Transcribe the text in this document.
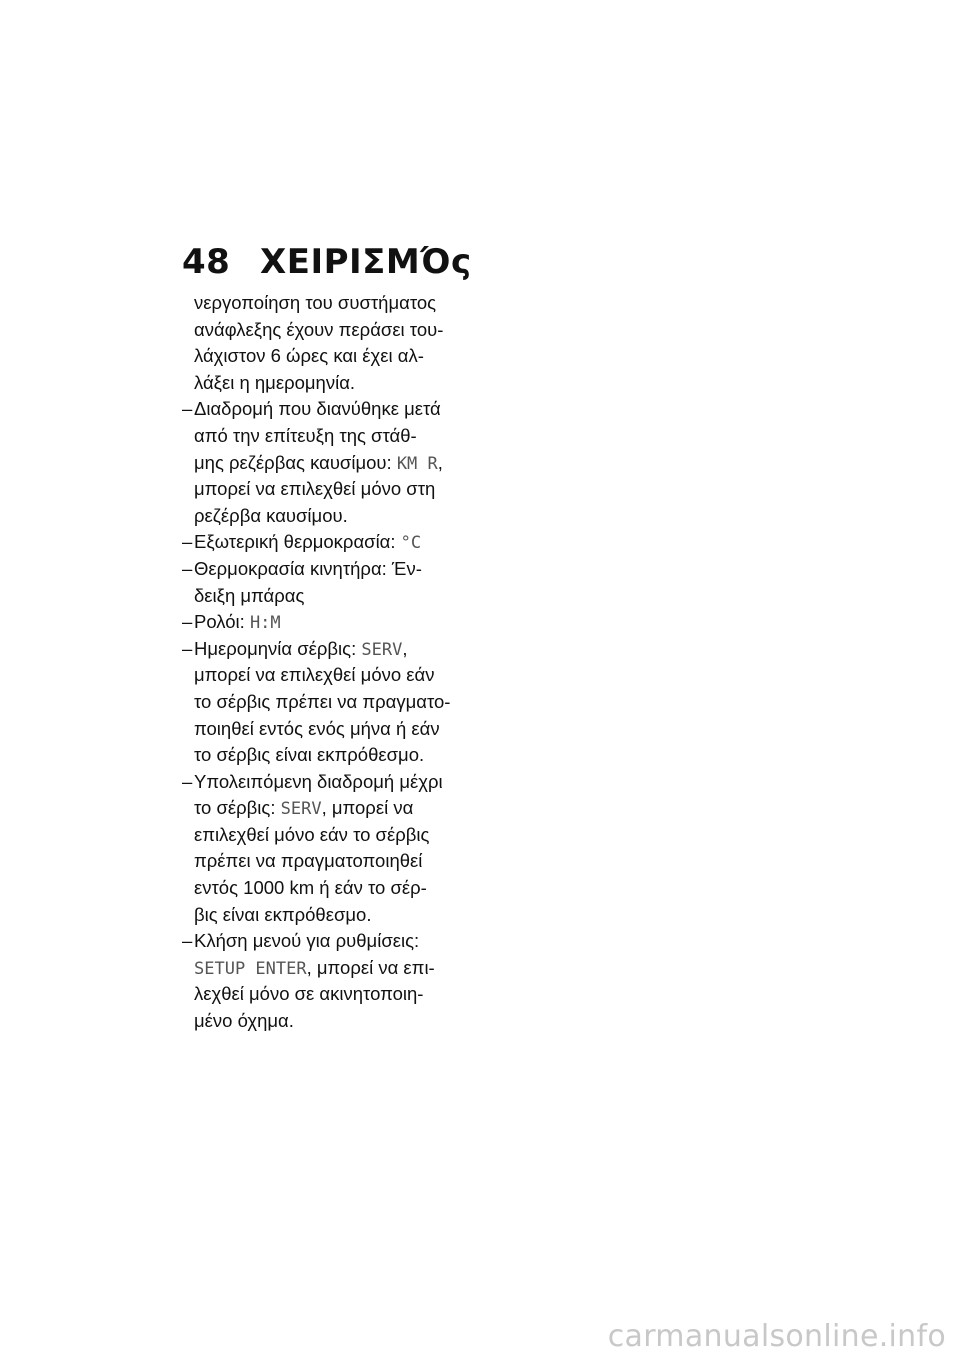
48 ΧΕΙΡΙΣΜΌς
νεργοποίηση του συστήματος
ανάφλεξης έχουν περάσει του-
λάχιστον 6 ώρες και έχει αλ-
λάξει η ημερομηνία.
–Διαδρομή που διανύθηκε μετά
από την επίτευξη της στάθ-
μης ρεζέρβας καυσίμου: KM R,
μπορεί να επιλεχθεί μόνο στη
ρεζέρβα καυσίμου.
–Εξωτερική θερμοκρασία: °C
–Θερμοκρασία κινητήρα: Έν-
δειξη μπάρας
–Ρολόι: H:M
–Ημερομηνία σέρβις: SERV,
μπορεί να επιλεχθεί μόνο εάν
το σέρβις πρέπει να πραγματο-
ποιηθεί εντός ενός μήνα ή εάν
το σέρβις είναι εκπρόθεσμο.
–Υπολειπόμενη διαδρομή μέχρι
το σέρβις: SERV, μπορεί να
επιλεχθεί μόνο εάν το σέρβις
πρέπει να πραγματοποιηθεί
εντός 1000 km ή εάν το σέρ-
βις είναι εκπρόθεσμο.
–Κλήση μενού για ρυθμίσεις:
SETUP ENTER, μπορεί να επι-
λεχθεί μόνο σε ακινητοποιη-
μένο όχημα.
carmanualsonline.info
